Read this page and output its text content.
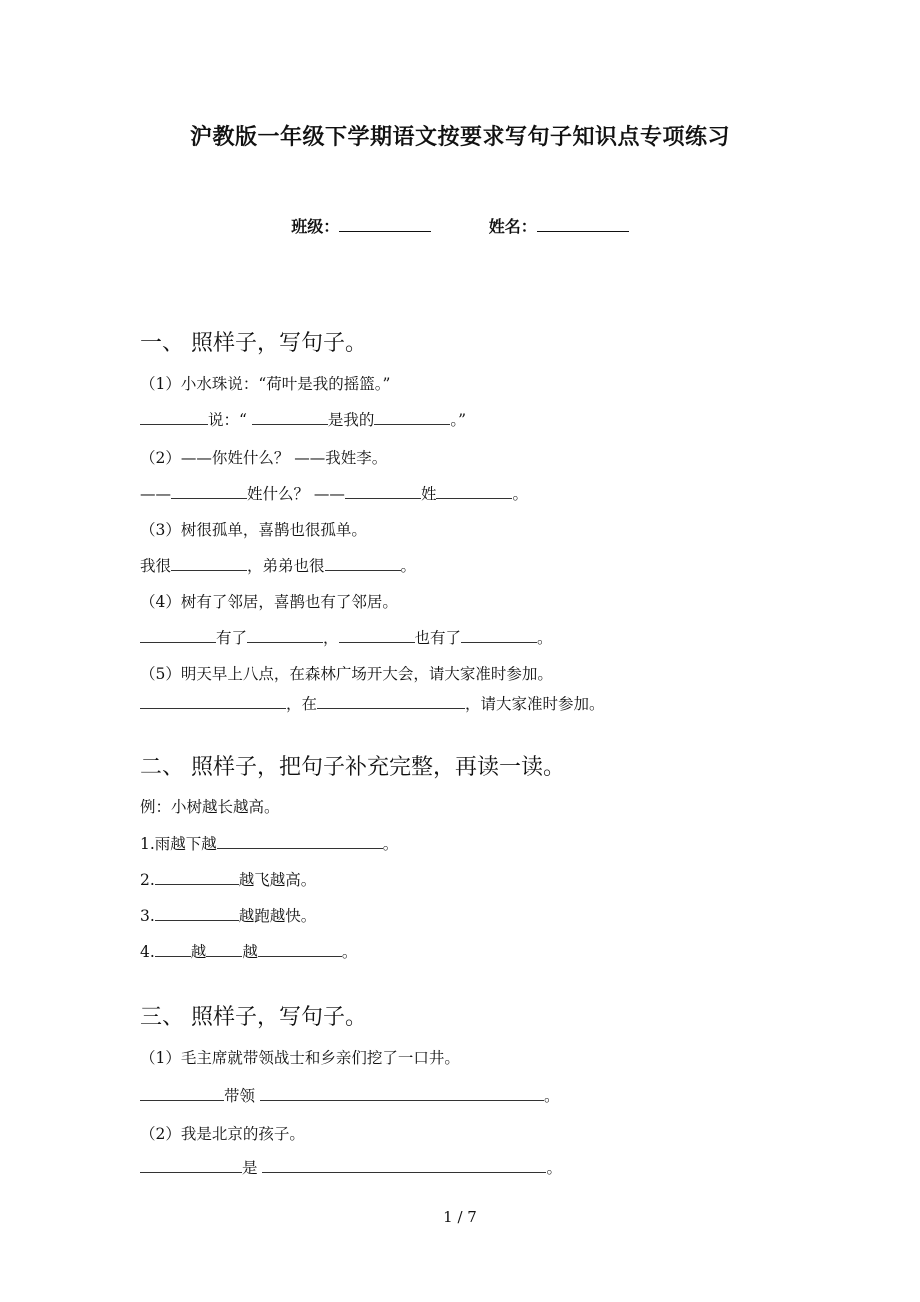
沪教版一年级下学期语文按要求写句子知识点专项练习
班级：	姓名：
一、 照样子，写句子。
（1）小水珠说：“荷叶是我的摇篮。”
说：“	是我的	。”
（2）——你姓什么？ ——我姓李。
——	姓什么？ ——	姓	。
（3）树很孤单，喜鹊也很孤单。
我很	，弟弟也很	。
（4）树有了邻居，喜鹊也有了邻居。
有了	，	也有了	。
（5）明天早上八点，在森林广场开大会，请大家准时参加。
，在	，请大家准时参加。
二、 照样子，把句子补充完整，再读一读。
例：小树越长越高。
1.雨越下越	。
2.	越飞越高。
3.	越跑越快。
4. 越 越	。
三、 照样子，写句子。
（1）毛主席就带领战士和乡亲们挖了一口井。
带领	。
（2）我是北京的孩子。
是	。
1 / 7
